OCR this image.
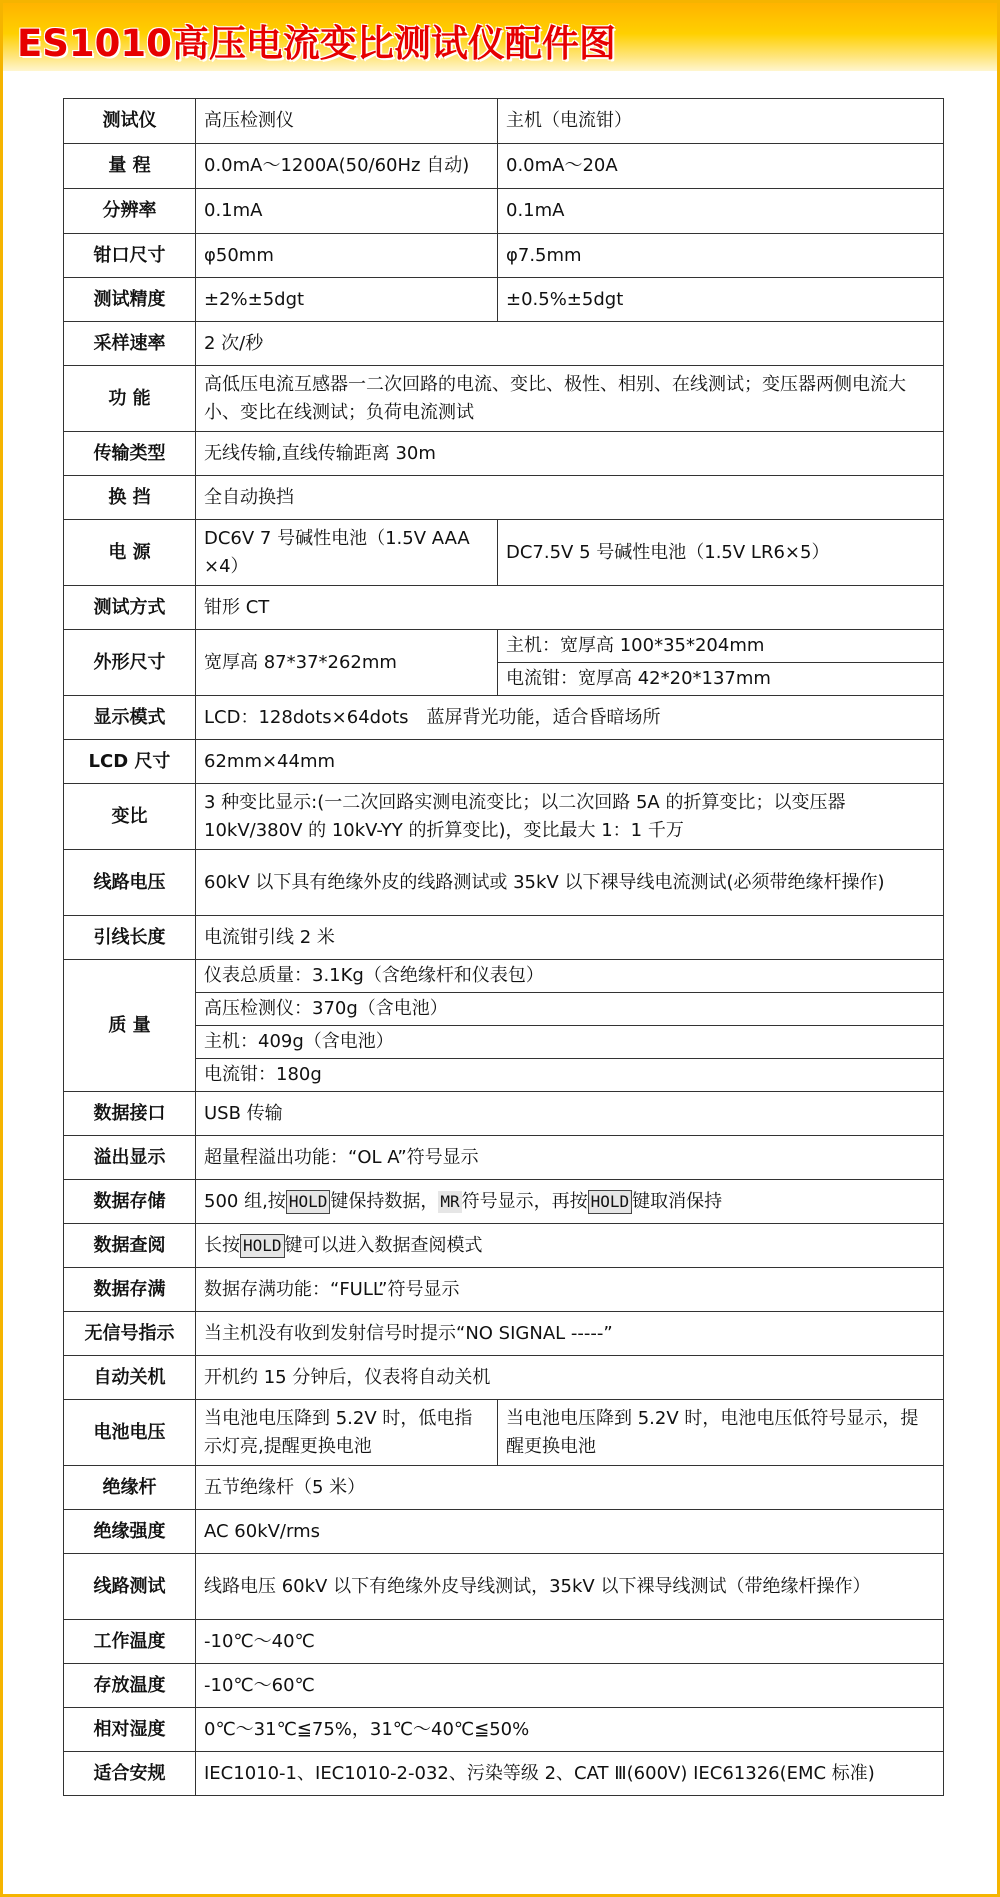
ES1010高压电流变比测试仪配件图
测试仪	高压检测仪	主机（电流钳）
量 程	0.0mA～1200A(50/60Hz 自动)	0.0mA～20A
分辨率	0.1mA	0.1mA
钳口尺寸	φ50mm	φ7.5mm
测试精度	±2%±5dgt	±0.5%±5dgt
采样速率	2 次/秒	
功 能	高低压电流互感器一二次回路的电流、变比、极性、相别、在线测试；变压器两侧电流大小、变比在线测试；负荷电流测试	
传输类型	无线传输,直线传输距离 30m	
换 挡	全自动换挡	
电 源	DC6V 7 号碱性电池（1.5V AAA ×4）	DC7.5V 5 号碱性电池（1.5V LR6×5）
测试方式	钳形 CT	
外形尺寸	宽厚高 87*37*262mm	主机：宽厚高 100*35*204mm
		电流钳：宽厚高 42*20*137mm
显示模式	LCD：128dots×64dots　蓝屏背光功能，适合昏暗场所	
LCD 尺寸	62mm×44mm	
变比	3 种变比显示:(一二次回路实测电流变比；以二次回路 5A 的折算变比；以变压器 10kV/380V 的 10kV-YY 的折算变比)，变比最大 1：1 千万	
线路电压	60kV 以下具有绝缘外皮的线路测试或 35kV 以下裸导线电流测试(必须带绝缘杆操作)	
引线长度	电流钳引线 2 米	
质 量	仪表总质量：3.1Kg（含绝缘杆和仪表包）	
	高压检测仪：370g（含电池）	
	主机：409g（含电池）	
	电流钳：180g	
数据接口	USB 传输	
溢出显示	超量程溢出功能：“OL A”符号显示	
数据存储	500 组,按 HOLD 键保持数据， MR 符号显示，再按 HOLD 键取消保持	
数据查阅	长按 HOLD 键可以进入数据查阅模式	
数据存满	数据存满功能：“FULL”符号显示	
无信号指示	当主机没有收到发射信号时提示“NO SIGNAL -----”	
自动关机	开机约 15 分钟后，仪表将自动关机	
电池电压	当电池电压降到 5.2V 时，低电指示灯亮,提醒更换电池	当电池电压降到 5.2V 时，电池电压低符号显示，提醒更换电池
绝缘杆	五节绝缘杆（5 米）	
绝缘强度	AC 60kV/rms	
线路测试	线路电压 60kV 以下有绝缘外皮导线测试，35kV 以下裸导线测试（带绝缘杆操作）	
工作温度	-10℃～40℃	
存放温度	-10℃～60℃	
相对湿度	0℃～31℃≦75%，31℃～40℃≦50%	
适合安规	IEC1010-1、IEC1010-2-032、污染等级 2、CAT Ⅲ(600V) IEC61326(EMC 标准)	
